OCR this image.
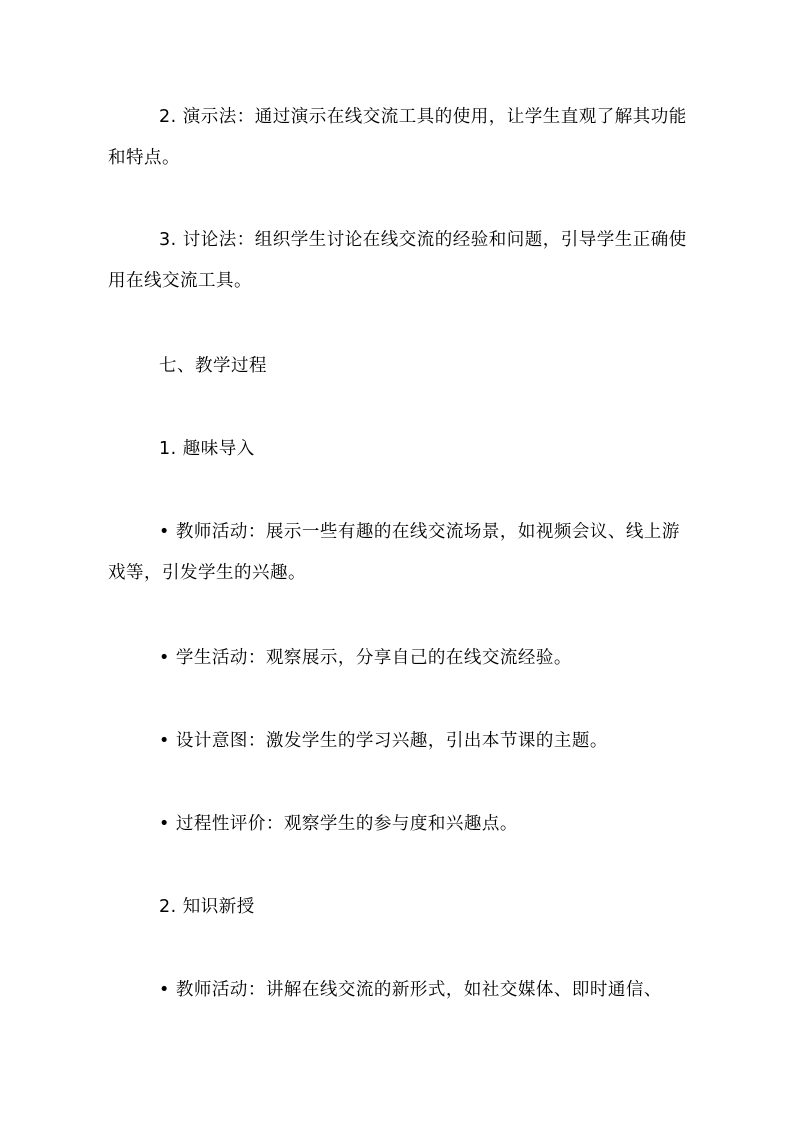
2. 演示法：通过演示在线交流工具的使用，让学生直观了解其功能和特点。

3. 讨论法：组织学生讨论在线交流的经验和问题，引导学生正确使用在线交流工具。

七、教学过程

1. 趣味导入

• 教师活动：展示一些有趣的在线交流场景，如视频会议、线上游戏等，引发学生的兴趣。

• 学生活动：观察展示，分享自己的在线交流经验。

• 设计意图：激发学生的学习兴趣，引出本节课的主题。

• 过程性评价：观察学生的参与度和兴趣点。

2. 知识新授

• 教师活动：讲解在线交流的新形式，如社交媒体、即时通信、
